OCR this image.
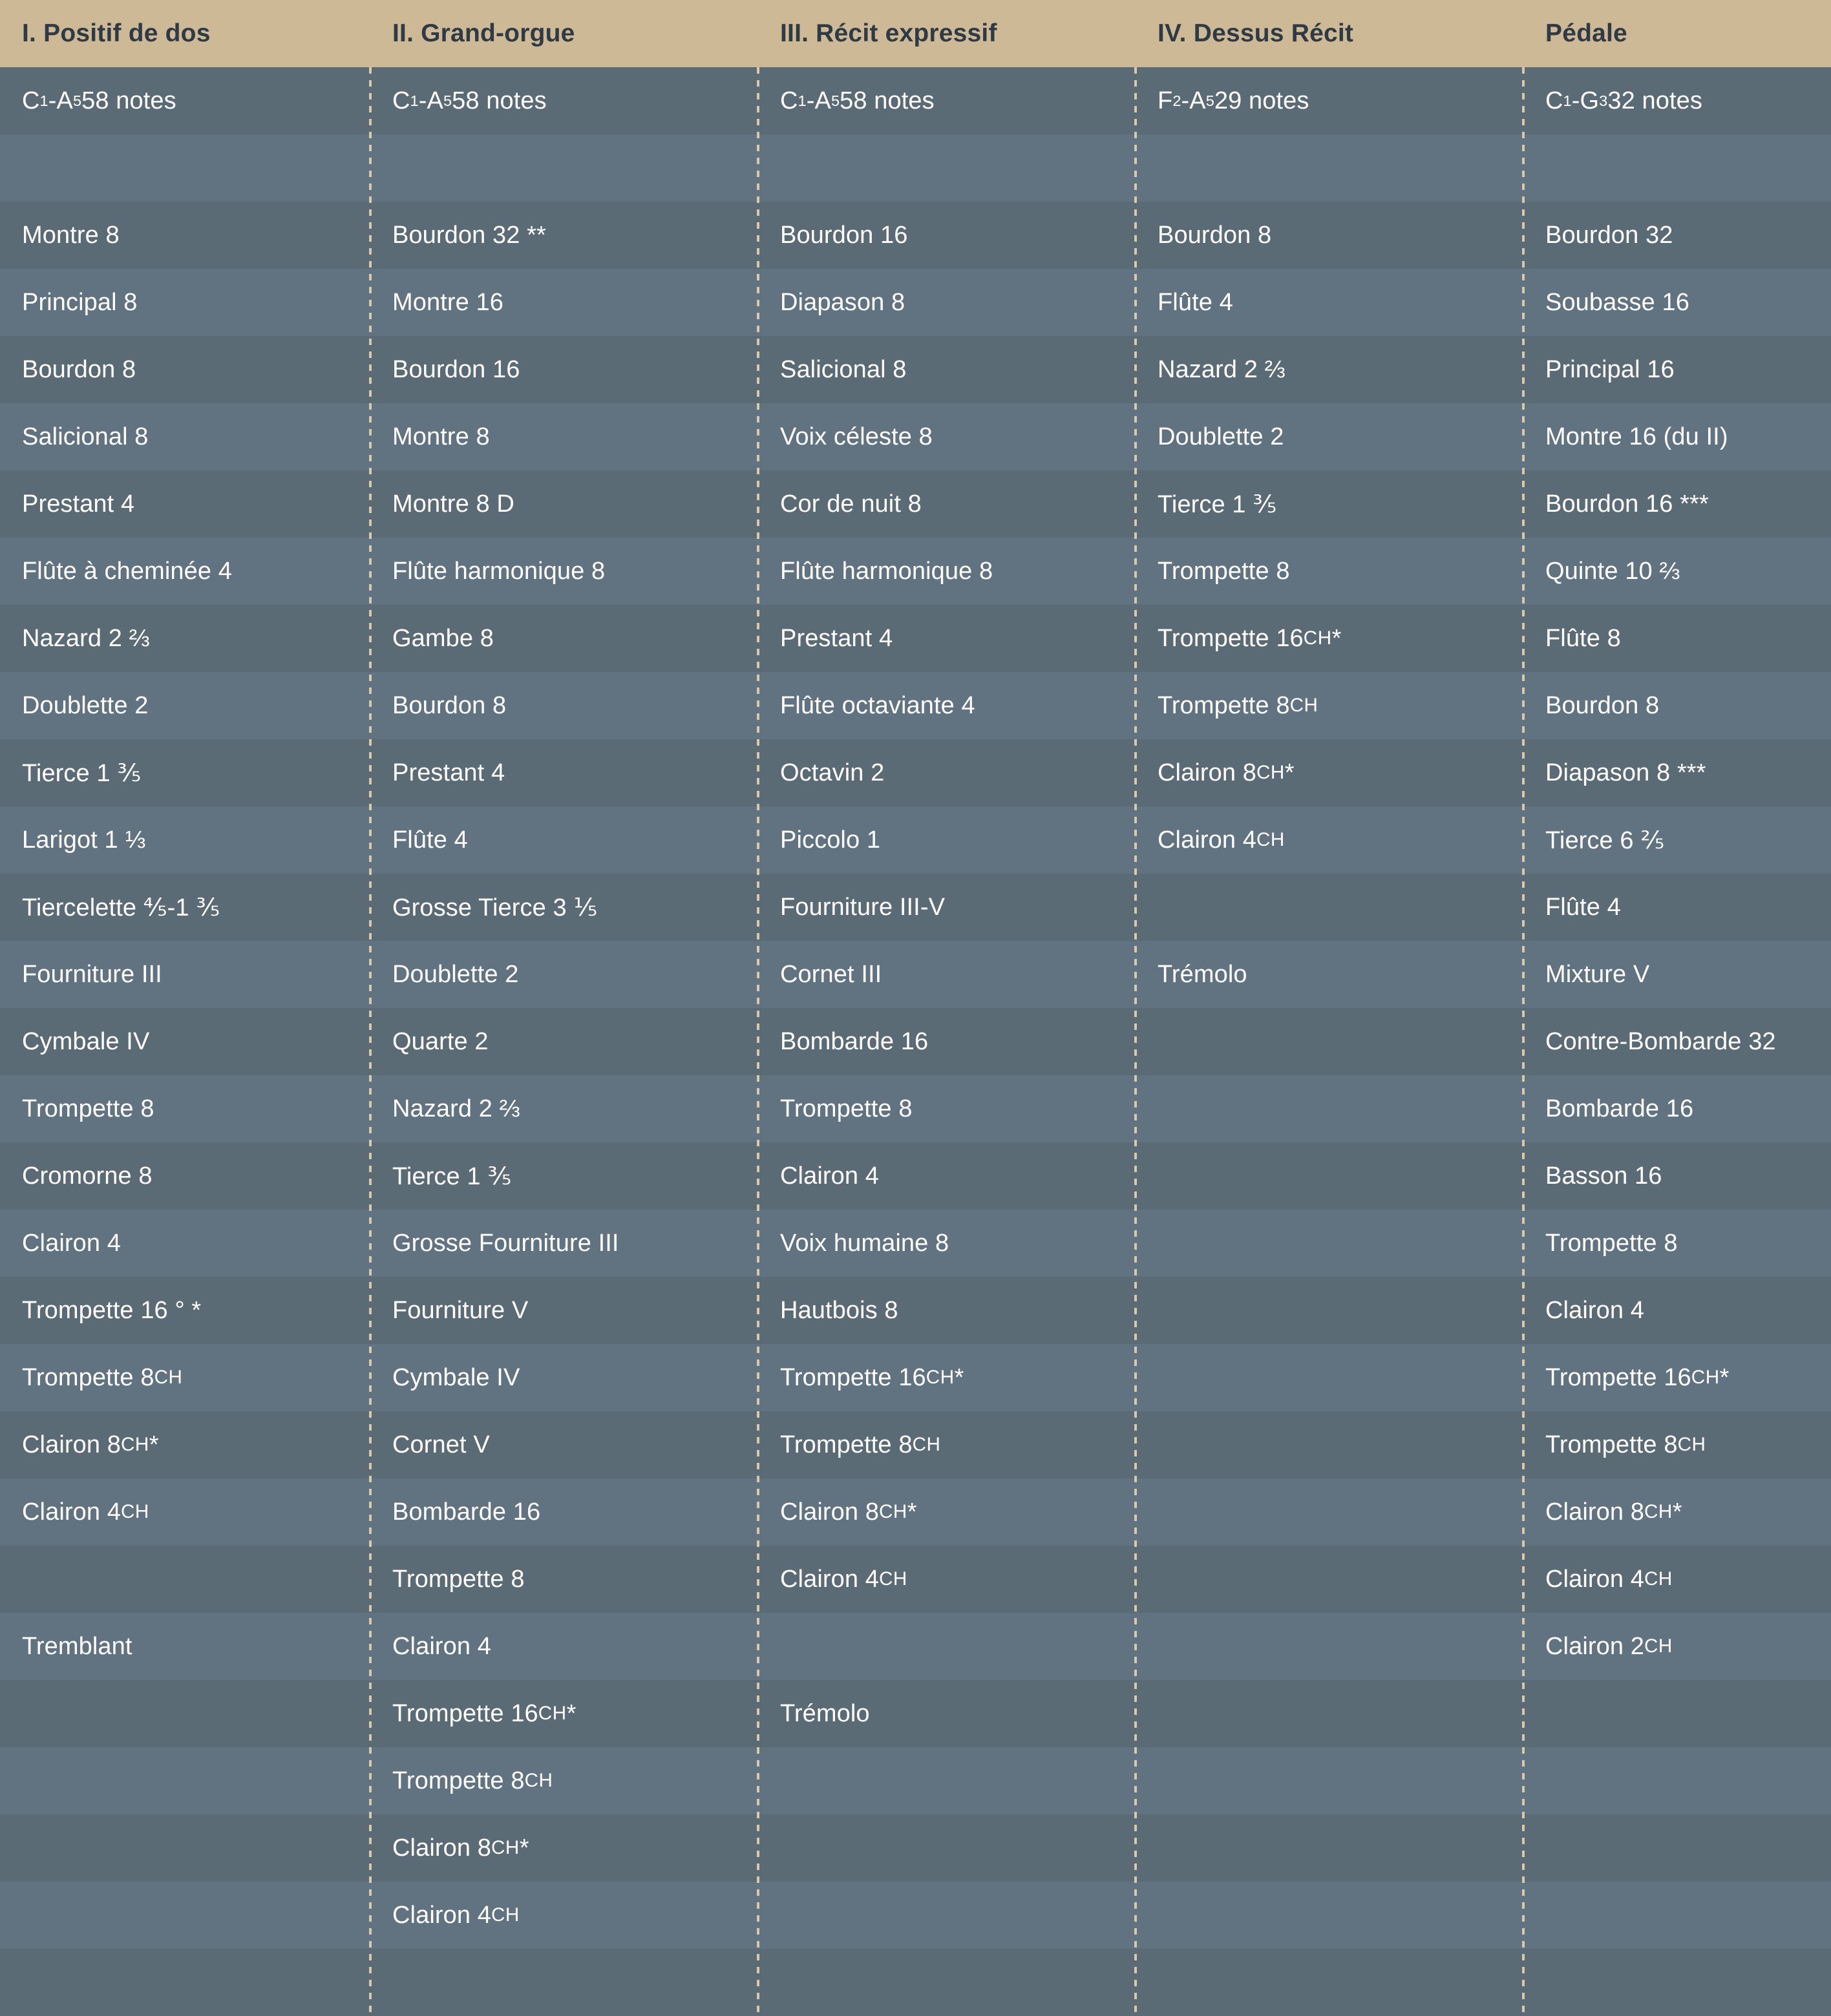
I. Positif de dos
C 1 -A 5 58 notes
Montre 8
Principal 8
Bourdon 8
Salicional 8
Prestant 4
Flûte à cheminée 4
Nazard 2 ⅔
Doublette 2
Tierce 1 ⅗
Larigot 1 ⅓
Tiercelette ⅘-1 ⅗
Fourniture III
Cymbale IV
Trompette 8
Cromorne 8
Clairon 4
Trompette 16 ° *
Trompette 8 CH
Clairon 8 CH *
Clairon 4 CH
Tremblant
II. Grand-orgue
C 1 -A 5 58 notes
Bourdon 32 **
Montre 16
Bourdon 16
Montre 8
Montre 8 D
Flûte harmonique 8
Gambe 8
Bourdon 8
Prestant 4
Flûte 4
Grosse Tierce 3 ⅕
Doublette 2
Quarte 2
Nazard 2 ⅔
Tierce 1 ⅗
Grosse Fourniture III
Fourniture V
Cymbale IV
Cornet V
Bombarde 16
Trompette 8
Clairon 4
Trompette 16 CH *
Trompette 8 CH
Clairon 8 CH *
Clairon 4 CH
III. Récit expressif
C 1 -A 5 58 notes
Bourdon 16
Diapason 8
Salicional 8
Voix céleste 8
Cor de nuit 8
Flûte harmonique 8
Prestant 4
Flûte octaviante 4
Octavin 2
Piccolo 1
Fourniture III-V
Cornet III
Bombarde 16
Trompette 8
Clairon 4
Voix humaine 8
Hautbois 8
Trompette 16 CH *
Trompette 8 CH
Clairon 8 CH *
Clairon 4 CH
Trémolo
IV. Dessus Récit
F 2 -A 5 29 notes
Bourdon 8
Flûte 4
Nazard 2 ⅔
Doublette 2
Tierce 1 ⅗
Trompette 8
Trompette 16 CH *
Trompette 8 CH
Clairon 8 CH *
Clairon 4 CH
Trémolo
Pédale
C 1 -G 3 32 notes
Bourdon 32
Soubasse 16
Principal 16
Montre 16 (du II)
Bourdon 16 ***
Quinte 10 ⅔
Flûte 8
Bourdon 8
Diapason 8 ***
Tierce 6 ⅖
Flûte 4
Mixture V
Contre-Bombarde 32
Bombarde 16
Basson 16
Trompette 8
Clairon 4
Trompette 16 CH *
Trompette 8 CH
Clairon 8 CH *
Clairon 4 CH
Clairon 2 CH
